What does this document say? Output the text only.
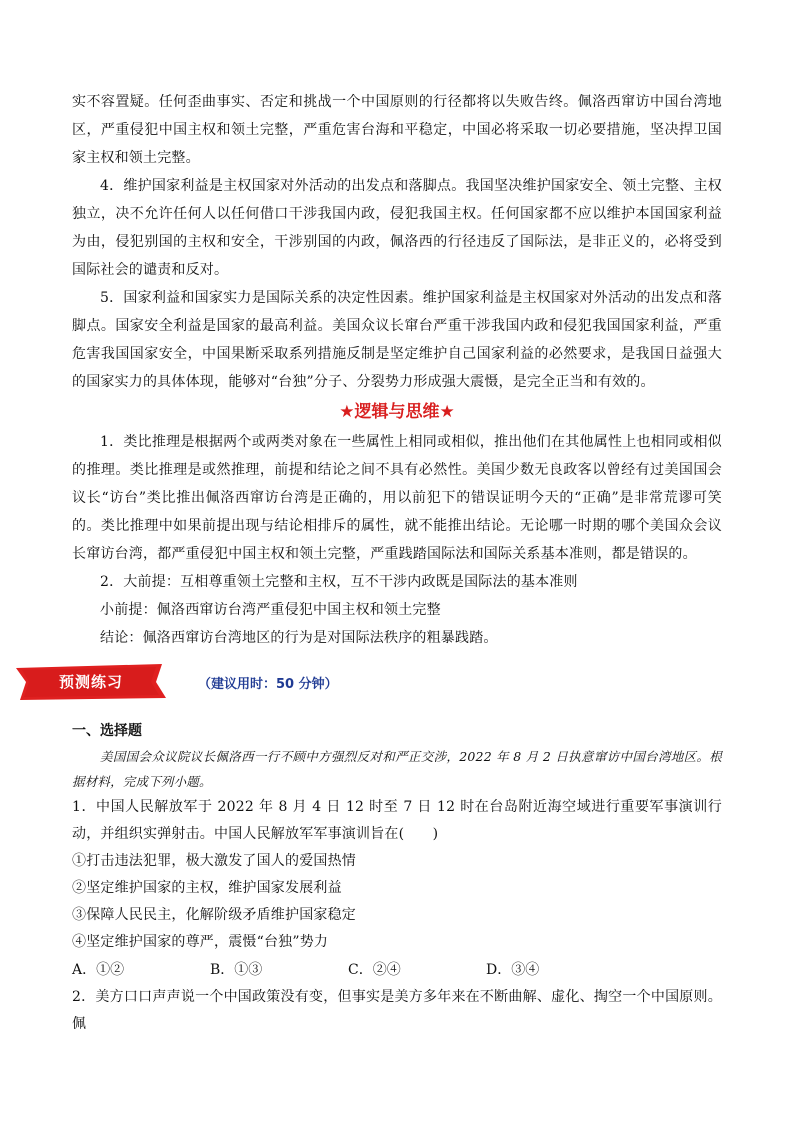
实不容置疑。任何歪曲事实、否定和挑战一个中国原则的行径都将以失败告终。佩洛西窜访中国台湾地区，严重侵犯中国主权和领土完整，严重危害台海和平稳定，中国必将采取一切必要措施，坚决捍卫国家主权和领土完整。

4．维护国家利益是主权国家对外活动的出发点和落脚点。我国坚决维护国家安全、领土完整、主权独立，决不允许任何人以任何借口干涉我国内政，侵犯我国主权。任何国家都不应以维护本国国家利益为由，侵犯别国的主权和安全，干涉别国的内政，佩洛西的行径违反了国际法，是非正义的，必将受到国际社会的谴责和反对。

5．国家利益和国家实力是国际关系的决定性因素。维护国家利益是主权国家对外活动的出发点和落脚点。国家安全利益是国家的最高利益。美国众议长窜台严重干涉我国内政和侵犯我国国家利益，严重危害我国国家安全，中国果断采取系列措施反制是坚定维护自己国家利益的必然要求，是我国日益强大的国家实力的具体体现，能够对“台独”分子、分裂势力形成强大震慑，是完全正当和有效的。

★逻辑与思维★

1．类比推理是根据两个或两类对象在一些属性上相同或相似，推出他们在其他属性上也相同或相似的推理。类比推理是或然推理，前提和结论之间不具有必然性。美国少数无良政客以曾经有过美国国会议长“访台”类比推出佩洛西窜访台湾是正确的，用以前犯下的错误证明今天的“正确”是非常荒谬可笑的。类比推理中如果前提出现与结论相排斥的属性，就不能推出结论。无论哪一时期的哪个美国众会议长窜访台湾，都严重侵犯中国主权和领土完整，严重践踏国际法和国际关系基本准则，都是错误的。

2．大前提：互相尊重领土完整和主权，互不干涉内政既是国际法的基本准则

小前提：佩洛西窜访台湾严重侵犯中国主权和领土完整

结论：佩洛西窜访台湾地区的行为是对国际法秩序的粗暴践踏。

预测练习	（建议用时：50 分钟）
一、选择题

美国国会众议院议长佩洛西一行不顾中方强烈反对和严正交涉，2022 年 8 月 2 日执意窜访中国台湾地区。根据材料，完成下列小题。

1．中国人民解放军于 2022 年 8 月 4 日 12 时至 7 日 12 时在台岛附近海空域进行重要军事演训行动，并组织实弹射击。中国人民解放军军事演训旨在(　　)

①打击违法犯罪，极大激发了国人的爱国热情

②坚定维护国家的主权，维护国家发展利益

③保障人民民主，化解阶级矛盾维护国家稳定

④坚定维护国家的尊严，震慑“台独”势力

A．①②	B．①③	C．②④	D．③④

2．美方口口声声说一个中国政策没有变，但事实是美方多年来在不断曲解、虚化、掏空一个中国原则。佩
